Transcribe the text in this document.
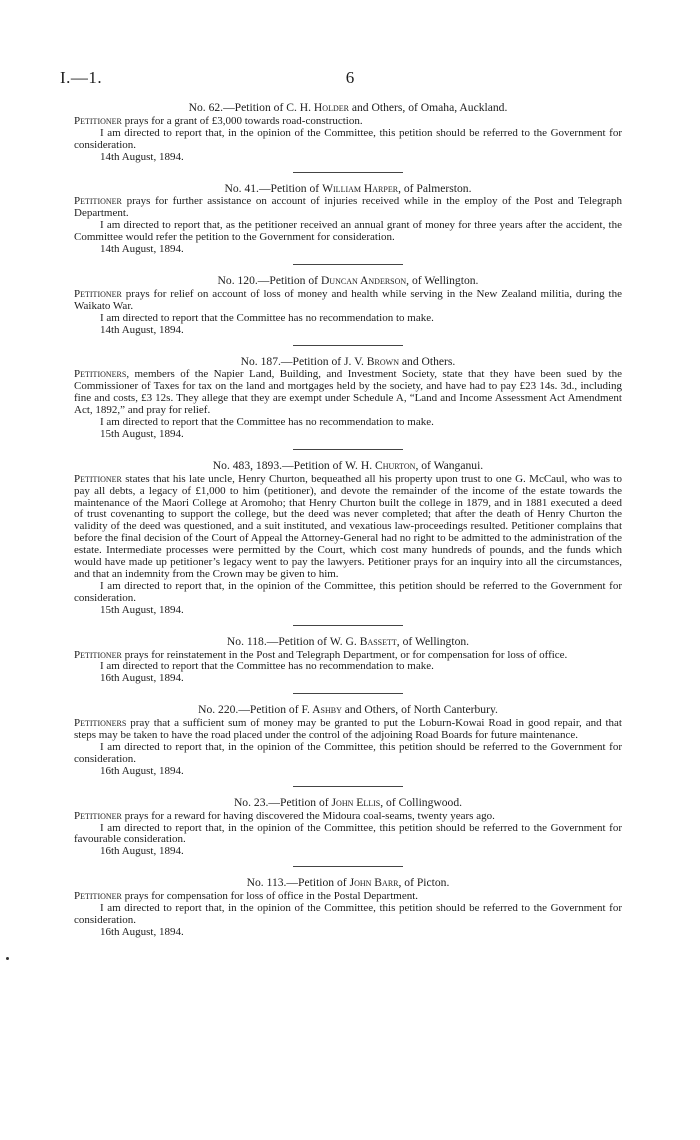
I.—1.	6
No. 62.—Petition of C. H. Holder and Others, of Omaha, Auckland.

Petitioner prays for a grant of £3,000 towards road-construction.

I am directed to report that, in the opinion of the Committee, this petition should be referred to the Government for consideration.

14th August, 1894.
No. 41.—Petition of William Harper, of Palmerston.

Petitioner prays for further assistance on account of injuries received while in the employ of the Post and Telegraph Department.

I am directed to report that, as the petitioner received an annual grant of money for three years after the accident, the Committee would refer the petition to the Government for consideration.

14th August, 1894.
No. 120.—Petition of Duncan Anderson, of Wellington.

Petitioner prays for relief on account of loss of money and health while serving in the New Zealand militia, during the Waikato War.

I am directed to report that the Committee has no recommendation to make.

14th August, 1894.
No. 187.—Petition of J. V. Brown and Others.

Petitioners, members of the Napier Land, Building, and Investment Society, state that they have been sued by the Commissioner of Taxes for tax on the land and mortgages held by the society, and have had to pay £23 14s. 3d., including fine and costs, £3 12s. They allege that they are exempt under Schedule A, “Land and Income Assessment Act Amendment Act, 1892,” and pray for relief.

I am directed to report that the Committee has no recommendation to make.

15th August, 1894.
No. 483, 1893.—Petition of W. H. Churton, of Wanganui.

Petitioner states that his late uncle, Henry Churton, bequeathed all his property upon trust to one G. McCaul, who was to pay all debts, a legacy of £1,000 to him (petitioner), and devote the remainder of the income of the estate towards the maintenance of the Maori College at Aromoho; that Henry Churton built the college in 1879, and in 1881 executed a deed of trust covenanting to support the college, but the deed was never completed; that after the death of Henry Churton the validity of the deed was questioned, and a suit instituted, and vexatious law-proceedings resulted. Petitioner complains that before the final decision of the Court of Appeal the Attorney-General had no right to be admitted to the administration of the estate. Intermediate processes were permitted by the Court, which cost many hundreds of pounds, and the funds which would have made up petitioner’s legacy went to pay the lawyers. Petitioner prays for an inquiry into all the circumstances, and that an indemnity from the Crown may be given to him.

I am directed to report that, in the opinion of the Committee, this petition should be referred to the Government for consideration.

15th August, 1894.
No. 118.—Petition of W. G. Bassett, of Wellington.

Petitioner prays for reinstatement in the Post and Telegraph Department, or for compensation for loss of office.

I am directed to report that the Committee has no recommendation to make.

16th August, 1894.
No. 220.—Petition of F. Ashby and Others, of North Canterbury.

Petitioners pray that a sufficient sum of money may be granted to put the Loburn-Kowai Road in good repair, and that steps may be taken to have the road placed under the control of the adjoining Road Boards for future maintenance.

I am directed to report that, in the opinion of the Committee, this petition should be referred to the Government for consideration.

16th August, 1894.
No. 23.—Petition of John Ellis, of Collingwood.

Petitioner prays for a reward for having discovered the Midoura coal-seams, twenty years ago.

I am directed to report that, in the opinion of the Committee, this petition should be referred to the Government for favourable consideration.

16th August, 1894.
No. 113.—Petition of John Barr, of Picton.

Petitioner prays for compensation for loss of office in the Postal Department.

I am directed to report that, in the opinion of the Committee, this petition should be referred to the Government for consideration.

16th August, 1894.
